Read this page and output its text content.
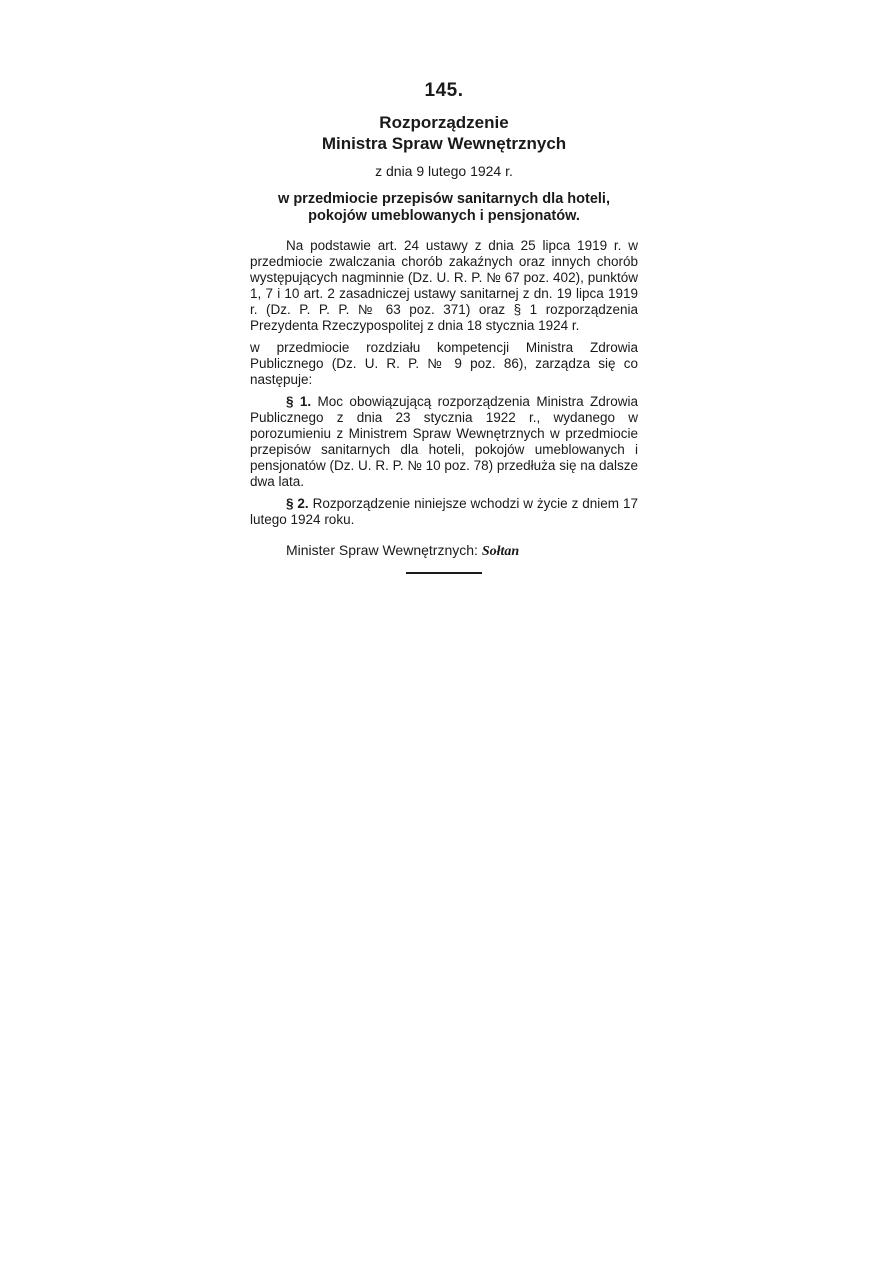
145.
Rozporządzenie
Ministra Spraw Wewnętrznych
z dnia 9 lutego 1924 r.
w przedmiocie przepisów sanitarnych dla hoteli, pokojów umeblowanych i pensjonatów.

Na podstawie art. 24 ustawy z dnia 25 lipca 1919 r. w przedmiocie zwalczania chorób zakaźnych oraz innych chorób występujących nagminnie (Dz. U. R. P. № 67 poz. 402), punktów 1, 7 i 10 art. 2 zasadniczej ustawy sanitarnej z dn. 19 lipca 1919 r. (Dz. P. P. P. № 63 poz. 371) oraz § 1 rozporządzenia Prezydenta Rzeczypospolitej z dnia 18 stycznia 1924 r.

w przedmiocie rozdziału kompetencji Ministra Zdrowia Publicznego (Dz. U. R. P. № 9 poz. 86), zarządza się co następuje:

§ 1. Moc obowiązującą rozporządzenia Ministra Zdrowia Publicznego z dnia 23 stycznia 1922 r., wydanego w porozumieniu z Ministrem Spraw Wewnętrznych w przedmiocie przepisów sanitarnych dla hoteli, pokojów umeblowanych i pensjonatów (Dz. U. R. P. № 10 poz. 78) przedłuża się na dalsze dwa lata.

§ 2. Rozporządzenie niniejsze wchodzi w życie z dniem 17 lutego 1924 roku.

Minister Spraw Wewnętrznych: Sołtan
